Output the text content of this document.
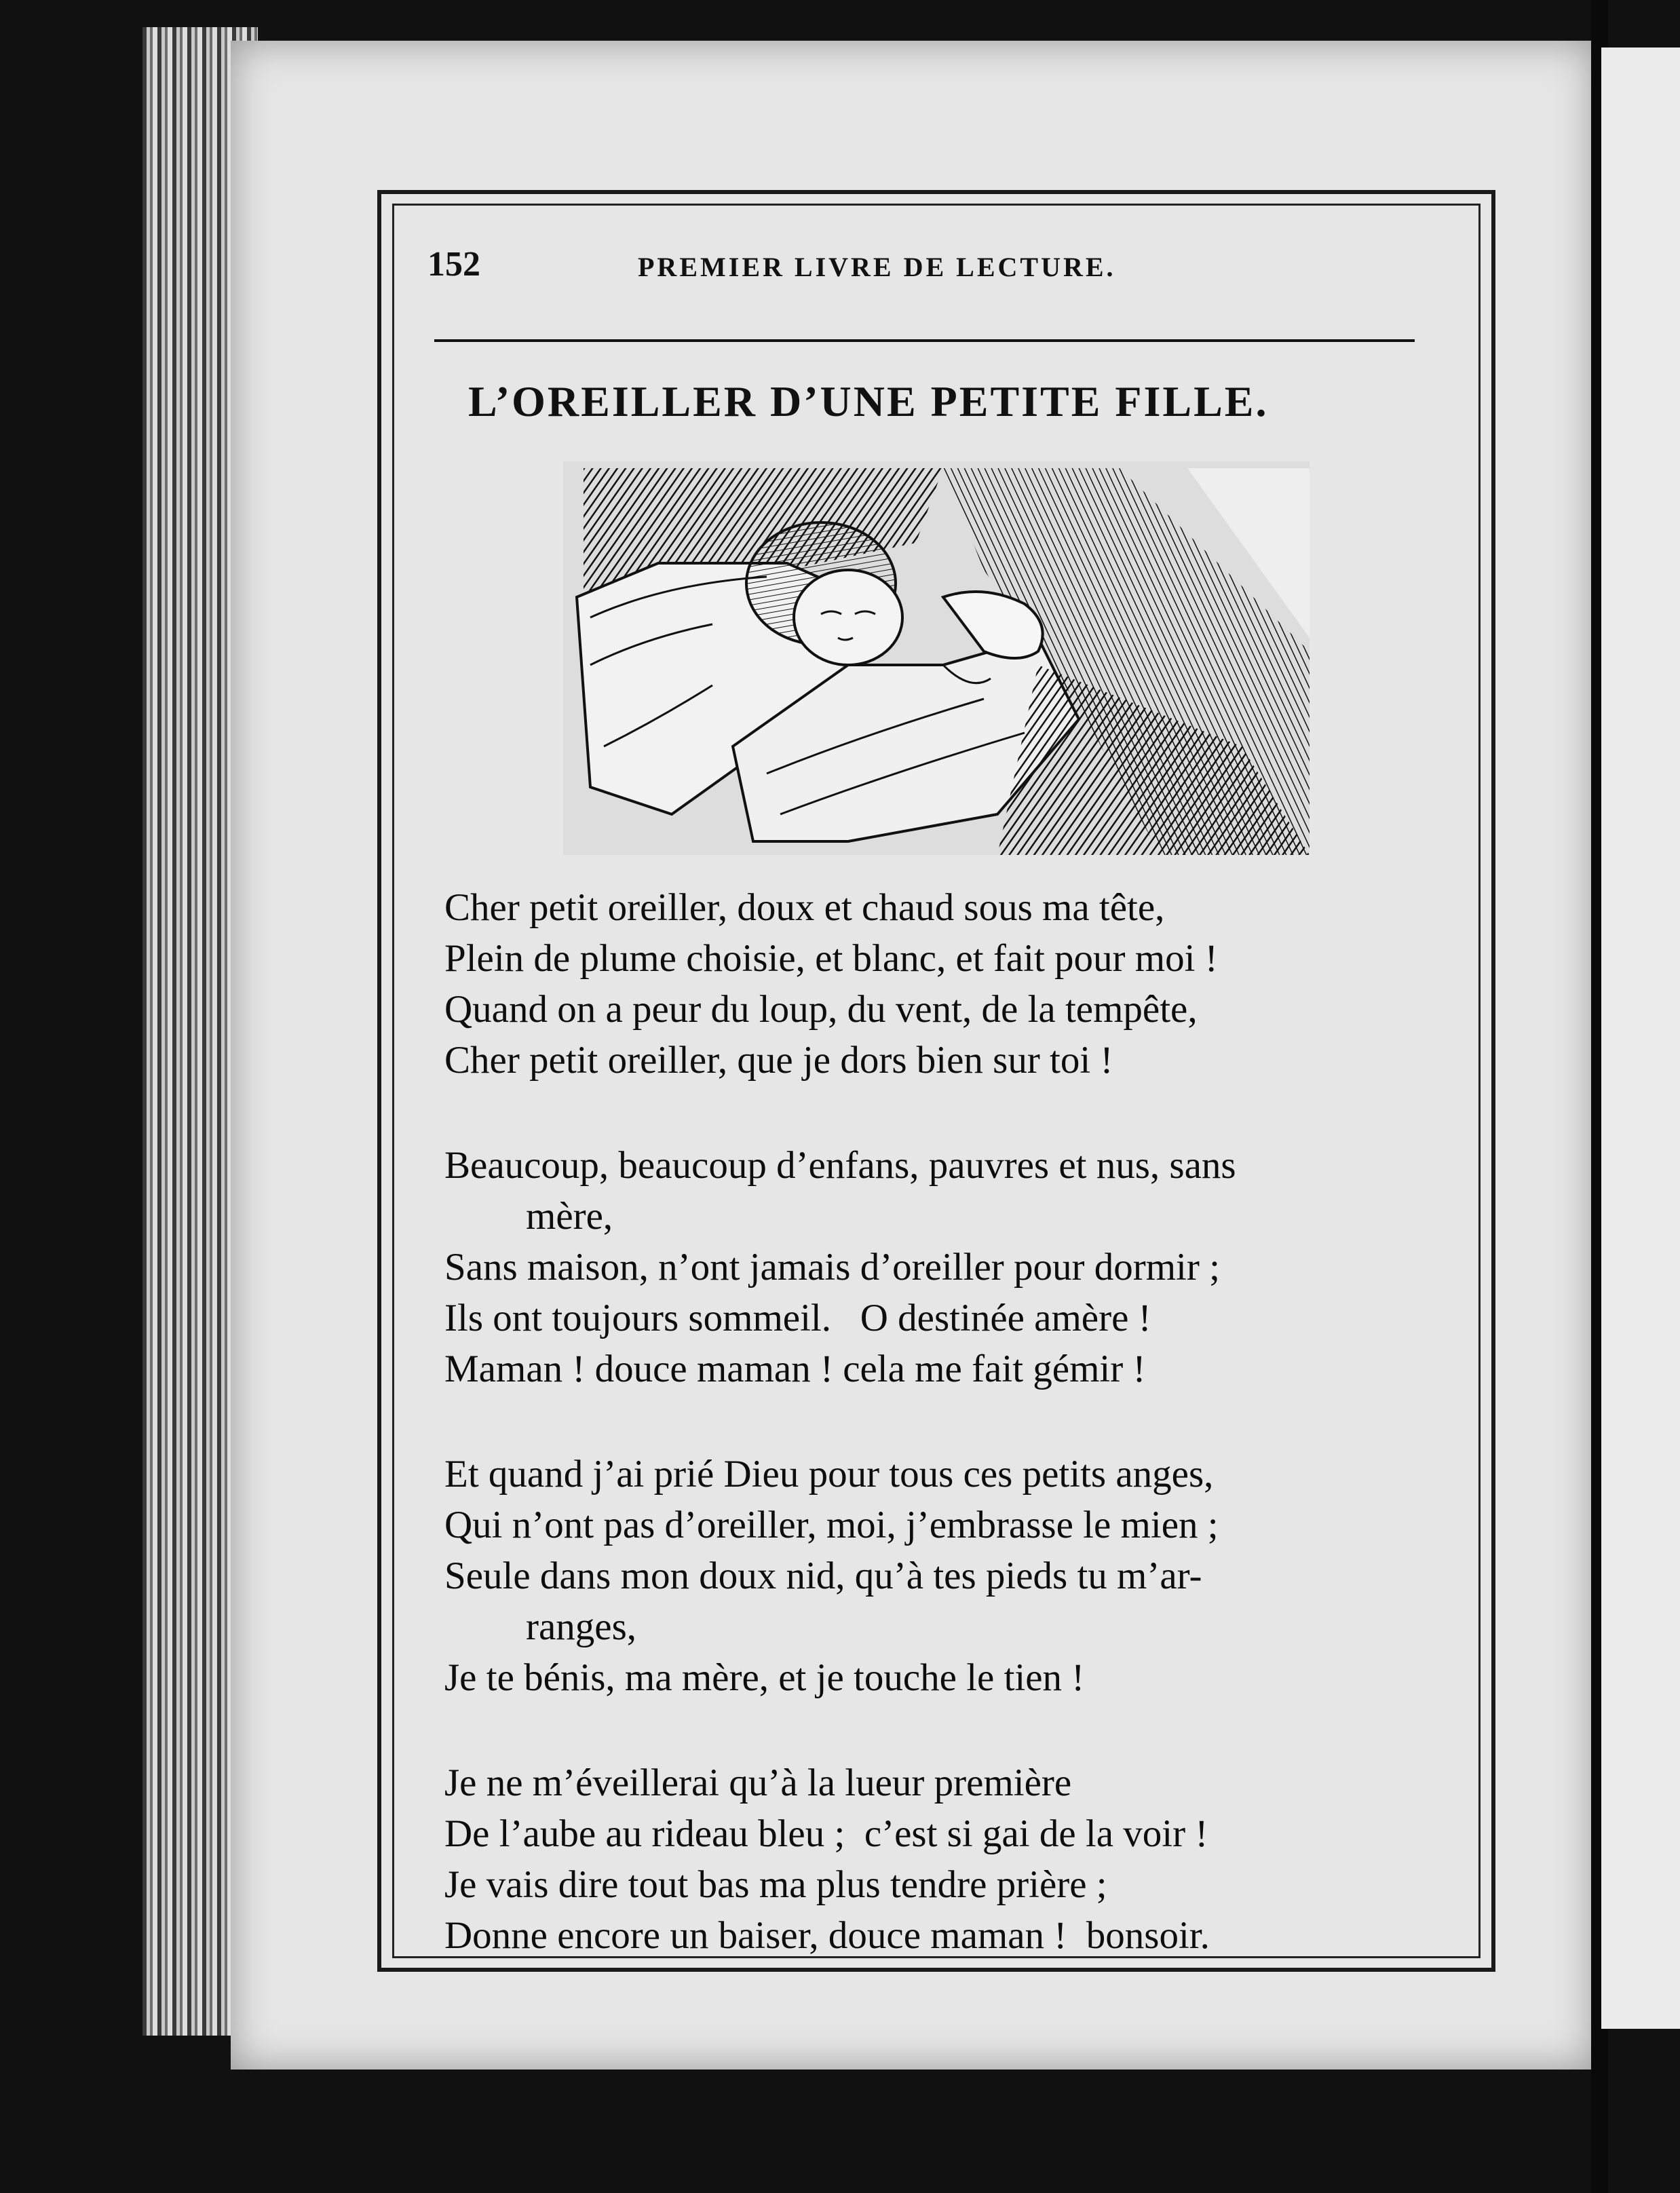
152	PREMIER LIVRE DE LECTURE.
L’OREILLER D’UNE PETITE FILLE.
Cher petit oreiller, doux et chaud sous ma tête,
Plein de plume choisie, et blanc, et fait pour moi !
Quand on a peur du loup, du vent, de la tempête,
Cher petit oreiller, que je dors bien sur toi !
Beaucoup, beaucoup d’enfans, pauvres et nus, sans
mère,
Sans maison, n’ont jamais d’oreiller pour dormir ;
Ils ont toujours sommeil.   O destinée amère !
Maman ! douce maman ! cela me fait gémir !
Et quand j’ai prié Dieu pour tous ces petits anges,
Qui n’ont pas d’oreiller, moi, j’embrasse le mien ;
Seule dans mon doux nid, qu’à tes pieds tu m’ar-
ranges,
Je te bénis, ma mère, et je touche le tien !
Je ne m’éveillerai qu’à la lueur première
De l’aube au rideau bleu ;  c’est si gai de la voir !
Je vais dire tout bas ma plus tendre prière ;
Donne encore un baiser, douce maman !  bonsoir.
